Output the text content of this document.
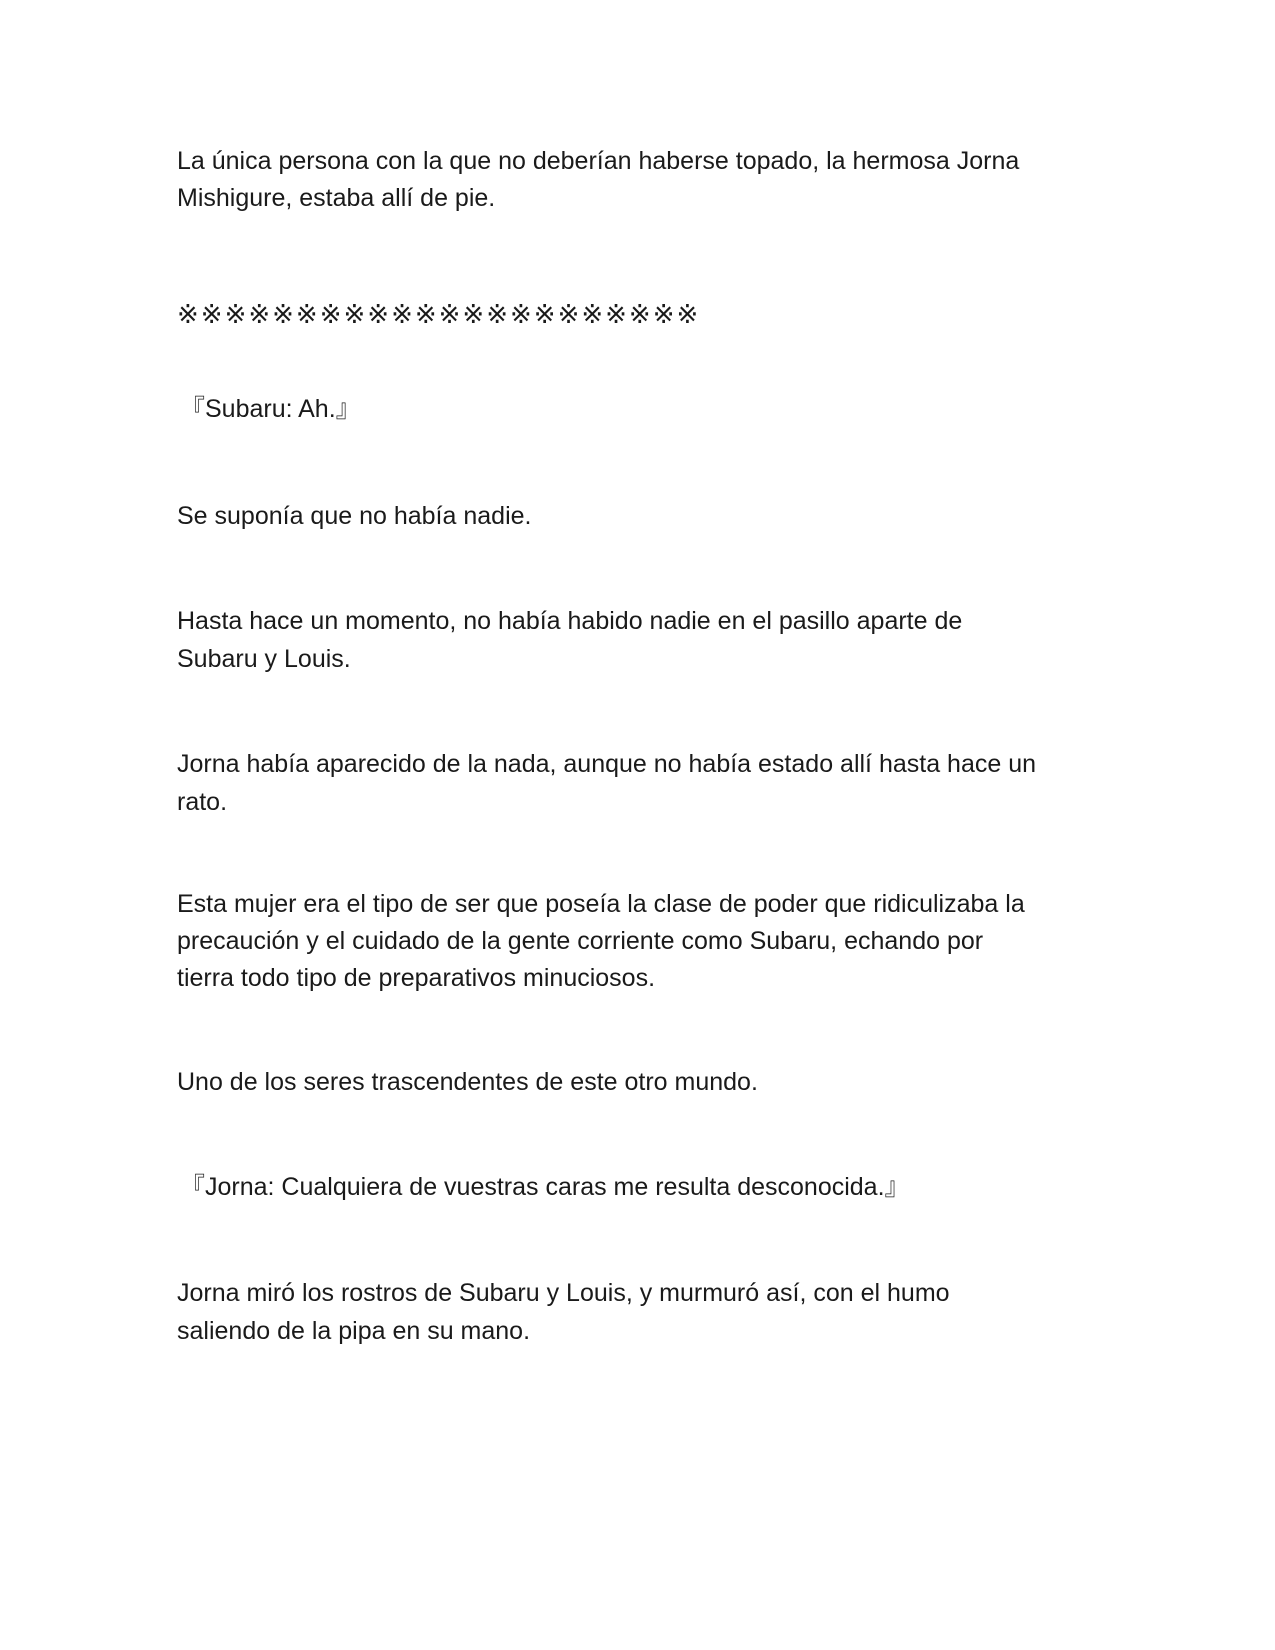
La única persona con la que no deberían haberse topado, la hermosa Jorna

Mishigure, estaba allí de pie.

※※※※※※※※※※※※※※※※※※※※※※

『Subaru: Ah.』

Se suponía que no había nadie.

Hasta hace un momento, no había habido nadie en el pasillo aparte de

Subaru y Louis.

Jorna había aparecido de la nada, aunque no había estado allí hasta hace un

rato.

Esta mujer era el tipo de ser que poseía la clase de poder que ridiculizaba la

precaución y el cuidado de la gente corriente como Subaru, echando por

tierra todo tipo de preparativos minuciosos.

Uno de los seres trascendentes de este otro mundo.

『Jorna: Cualquiera de vuestras caras me resulta desconocida.』

Jorna miró los rostros de Subaru y Louis, y murmuró así, con el humo

saliendo de la pipa en su mano.
